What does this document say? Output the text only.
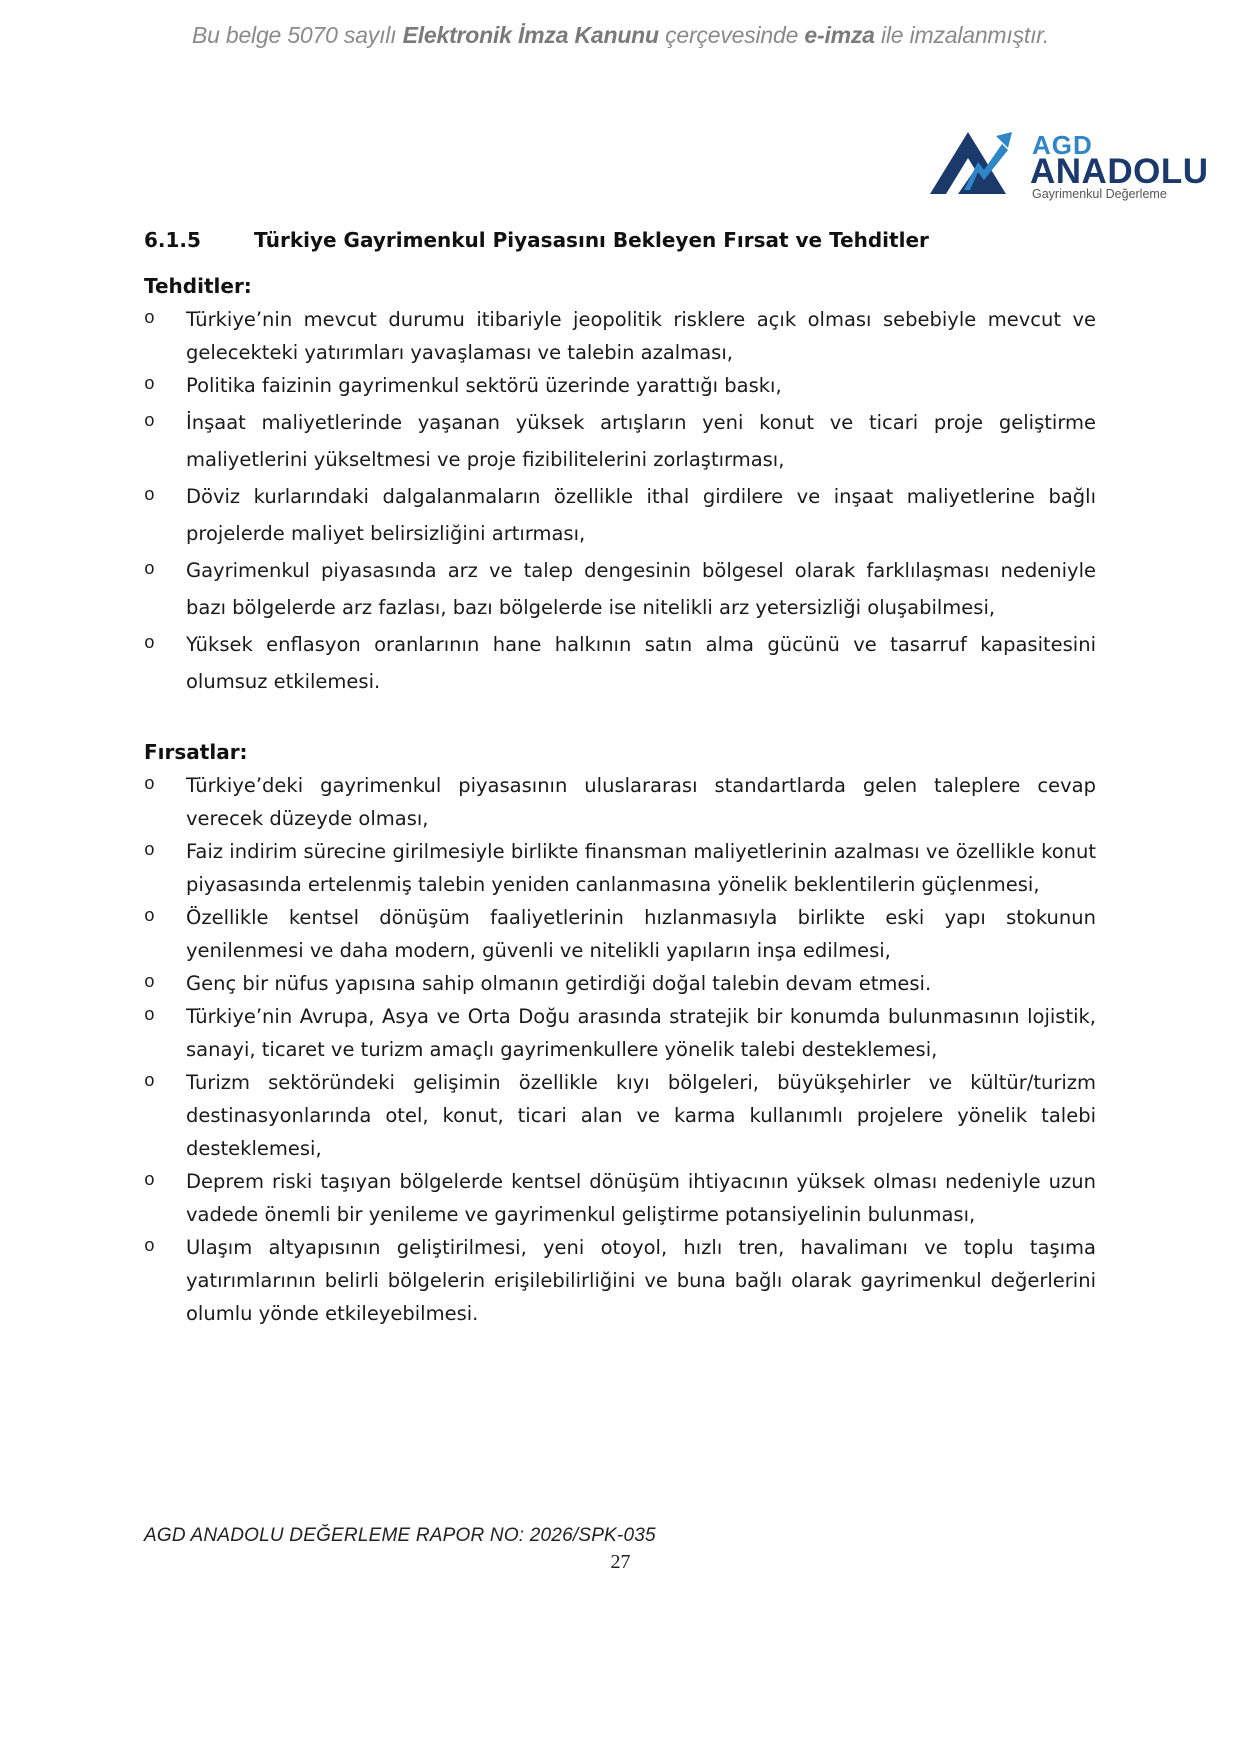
Bu belge 5070 sayılı Elektronik İmza Kanunu çerçevesinde e-imza ile imzalanmıştır.
AGD
ANADOLU
Gayrimenkul Değerleme
6.1.5	Türkiye Gayrimenkul Piyasasını Bekleyen Fırsat ve Tehditler
Tehditler:
o Türkiye’nin mevcut durumu itibariyle jeopolitik risklere açık olması sebebiyle mevcut ve gelecekteki yatırımları yavaşlaması ve talebin azalması,
o Politika faizinin gayrimenkul sektörü üzerinde yarattığı baskı,
o İnşaat maliyetlerinde yaşanan yüksek artışların yeni konut ve ticari proje geliştirme maliyetlerini yükseltmesi ve proje fizibilitelerini zorlaştırması,
o Döviz kurlarındaki dalgalanmaların özellikle ithal girdilere ve inşaat maliyetlerine bağlı projelerde maliyet belirsizliğini artırması,
o Gayrimenkul piyasasında arz ve talep dengesinin bölgesel olarak farklılaşması nedeniyle bazı bölgelerde arz fazlası, bazı bölgelerde ise nitelikli arz yetersizliği oluşabilmesi,
o Yüksek enflasyon oranlarının hane halkının satın alma gücünü ve tasarruf kapasitesini olumsuz etkilemesi.
Fırsatlar:
o Türkiye’deki gayrimenkul piyasasının uluslararası standartlarda gelen taleplere cevap verecek düzeyde olması,
o Faiz indirim sürecine girilmesiyle birlikte finansman maliyetlerinin azalması ve özellikle konut piyasasında ertelenmiş talebin yeniden canlanmasına yönelik beklentilerin güçlenmesi,
o Özellikle kentsel dönüşüm faaliyetlerinin hızlanmasıyla birlikte eski yapı stokunun yenilenmesi ve daha modern, güvenli ve nitelikli yapıların inşa edilmesi,
o Genç bir nüfus yapısına sahip olmanın getirdiği doğal talebin devam etmesi.
o Türkiye’nin Avrupa, Asya ve Orta Doğu arasında stratejik bir konumda bulunmasının lojistik, sanayi, ticaret ve turizm amaçlı gayrimenkullere yönelik talebi desteklemesi,
o Turizm sektöründeki gelişimin özellikle kıyı bölgeleri, büyükşehirler ve kültür/turizm destinasyonlarında otel, konut, ticari alan ve karma kullanımlı projelere yönelik talebi desteklemesi,
o Deprem riski taşıyan bölgelerde kentsel dönüşüm ihtiyacının yüksek olması nedeniyle uzun vadede önemli bir yenileme ve gayrimenkul geliştirme potansiyelinin bulunması,
o Ulaşım altyapısının geliştirilmesi, yeni otoyol, hızlı tren, havalimanı ve toplu taşıma yatırımlarının belirli bölgelerin erişilebilirliğini ve buna bağlı olarak gayrimenkul değerlerini olumlu yönde etkileyebilmesi.
AGD ANADOLU DEĞERLEME RAPOR NO: 2026/SPK-035
27
